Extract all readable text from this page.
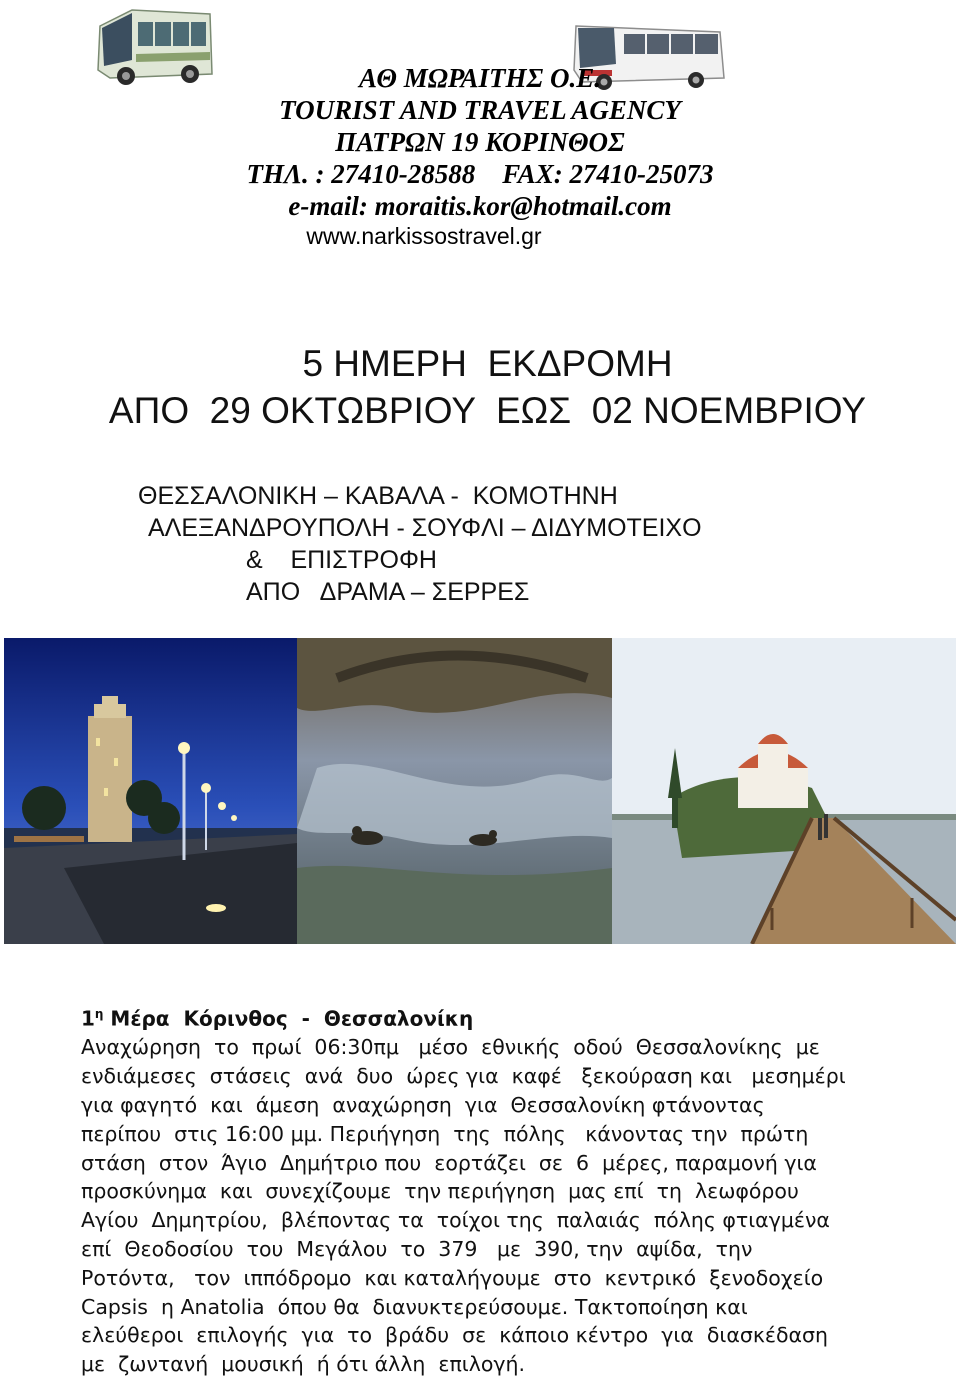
ΑΘ ΜΩΡΑΙΤΗΣ Ο.Ε.
TOURIST AND TRAVEL AGENCY
ΠΑΤΡΩΝ 19 ΚΟΡΙΝΘΟΣ
ΤΗΛ. : 27410-28588    FAX: 27410-25073
e-mail: moraitis.kor@hotmail.com
www.narkissostravel.gr
5 ΗΜΕΡΗ  ΕΚΔΡΟΜΗ
ΑΠΟ  29 ΟΚΤΩΒΡΙΟΥ  ΕΩΣ  02 ΝΟΕΜΒΡΙΟΥ
ΘΕΣΣΑΛΟΝΙΚΗ – ΚΑΒΑΛΑ -  ΚΟΜΟΤΗΝΗ
ΑΛΕΞΑΝΔΡΟΥΠΟΛΗ - ΣΟΥΦΛΙ – ΔΙΔΥΜΟΤΕΙΧΟ
&    ΕΠΙΣΤΡΟΦΗ
ΑΠΟ   ΔΡΑΜΑ – ΣΕΡΡΕΣ
$1^\eta$ Μέρα  Κόρινθος  -  Θεσσαλονίκη
Αναχώρηση  το  πρωί  06:30πμ   μέσο  εθνικής  οδού  Θεσσαλονίκης  με
ενδιάμεσες  στάσεις  ανά  δυο  ώρες για  καφέ   ξεκούραση και   μεσημέρι
για φαγητό  και  άμεση  αναχώρηση  για  Θεσσαλονίκη φτάνοντας
περίπου  στις 16:00 μμ. Περιήγηση  της  πόλης   κάνοντας την  πρώτη
στάση  στον  Άγιο  Δημήτριο που  εορτάζει  σε  6  μέρες, παραμονή για
προσκύνημα  και  συνεχίζουμε  την περιήγηση  μας επί  τη  λεωφόρου
Αγίου  Δημητρίου,  βλέποντας τα  τοίχοι της  παλαιάς  πόλης φτιαγμένα
επί  Θεοδοσίου  του  Μεγάλου  το  379   με  390, την  αψίδα,  την
Ροτόντα,   τον  ιππόδρομο  και καταλήγουμε  στο  κεντρικό  ξενοδοχείο
Capsis  η Anatolia  όπου θα  διανυκτερεύσουμε. Τακτοποίηση και
ελεύθεροι  επιλογής  για  το  βράδυ  σε  κάποιο κέντρο  για  διασκέδαση
με  ζωντανή  μουσική  ή ότι άλλη  επιλογή.
